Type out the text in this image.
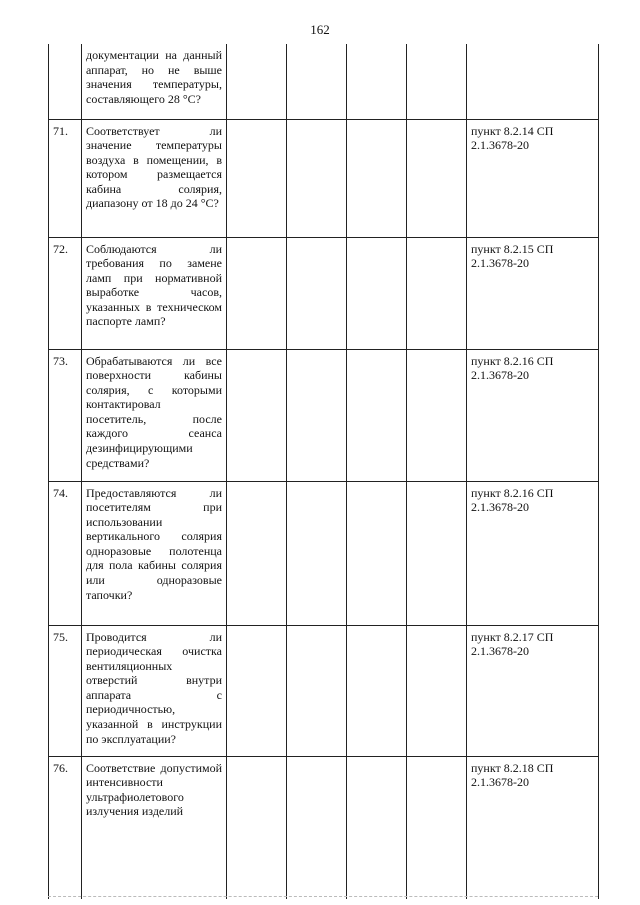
162

	документации на данный аппарат, но не выше значения температуры, составляющего 28 °С?					

71.	Соответствует ли значение температуры воздуха в помещении, в котором размещается кабина солярия, диапазону от 18 до 24 °С?					пункт 8.2.14 СП 2.1.3678-20
72.	Соблюдаются ли требования по замене ламп при нормативной выработке часов, указанных в техническом паспорте ламп?					пункт 8.2.15 СП 2.1.3678-20
73.	Обрабатываются ли все поверхности кабины солярия, с которыми контактировал посетитель, после каждого сеанса дезинфицирующими средствами?					пункт 8.2.16 СП 2.1.3678-20
74.	Предоставляются ли посетителям при использовании вертикального солярия одноразовые полотенца для пола кабины солярия или одноразовые тапочки?					пункт 8.2.16 СП 2.1.3678-20
75.	Проводится ли периодическая очистка вентиляционных отверстий внутри аппарата с периодичностью, указанной в инструкции по эксплуатации?					пункт 8.2.17 СП 2.1.3678-20
76.	Соответствие допустимой интенсивности ультрафиолетового излучения изделий					пункт 8.2.18 СП 2.1.3678-20
